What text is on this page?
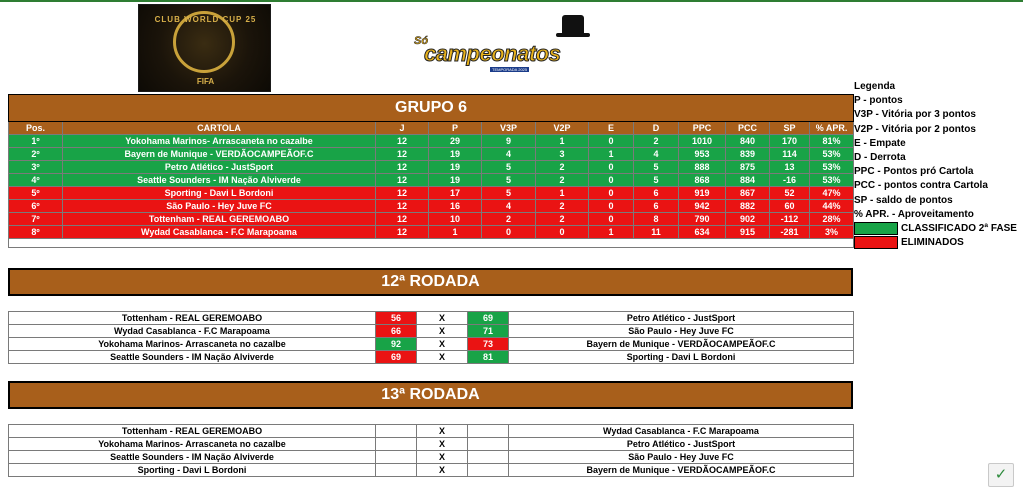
CLUB WORLD CUP 25
FIFA
Só
campeonatos
TEMPORADA 2025
GRUPO 6											
Pos.	CARTOLA	J	P	V3P	V2P	E	D	PPC	PCC	SP	% APR.
1º	Yokohama Marinos- Arrascaneta no cazalbe	12	29	9	1	0	2	1010	840	170	81%
2º	Bayern de Munique - VERDÃOCAMPEÃOF.C	12	19	4	3	1	4	953	839	114	53%
3º	Petro Atlético - JustSport	12	19	5	2	0	5	888	875	13	53%
4º	Seattle Sounders - IM Nação Alviverde	12	19	5	2	0	5	868	884	-16	53%
5º	Sporting - Davi L Bordoni	12	17	5	1	0	6	919	867	52	47%
6º	São Paulo - Hey Juve FC	12	16	4	2	0	6	942	882	60	44%
7º	Tottenham - REAL GEREMOABO	12	10	2	2	0	8	790	902	-112	28%
8º	Wydad Casablanca - F.C Marapoama	12	1	0	0	1	11	634	915	-281	3%

Legenda
P - pontos
V3P - Vitória por 3 pontos
V2P - Vitória por 2 pontos
E - Empate
D - Derrota
PPC - Pontos pró Cartola
PCC - pontos contra Cartola
SP - saldo de pontos
% APR. - Aproveitamento
CLASSIFICADO 2ª FASE
ELIMINADOS
12ª RODADA
Tottenham - REAL GEREMOABO	56	X	69	Petro Atlético - JustSport
Wydad Casablanca - F.C Marapoama	66	X	71	São Paulo - Hey Juve FC
Yokohama Marinos- Arrascaneta no cazalbe	92	X	73	Bayern de Munique - VERDÃOCAMPEÃOF.C
Seattle Sounders - IM Nação Alviverde	69	X	81	Sporting - Davi L Bordoni
13ª RODADA
Tottenham - REAL GEREMOABO		X		Wydad Casablanca - F.C Marapoama
Yokohama Marinos- Arrascaneta no cazalbe		X		Petro Atlético - JustSport
Seattle Sounders - IM Nação Alviverde		X		São Paulo - Hey Juve FC
Sporting - Davi L Bordoni		X		Bayern de Munique - VERDÃOCAMPEÃOF.C	✓
